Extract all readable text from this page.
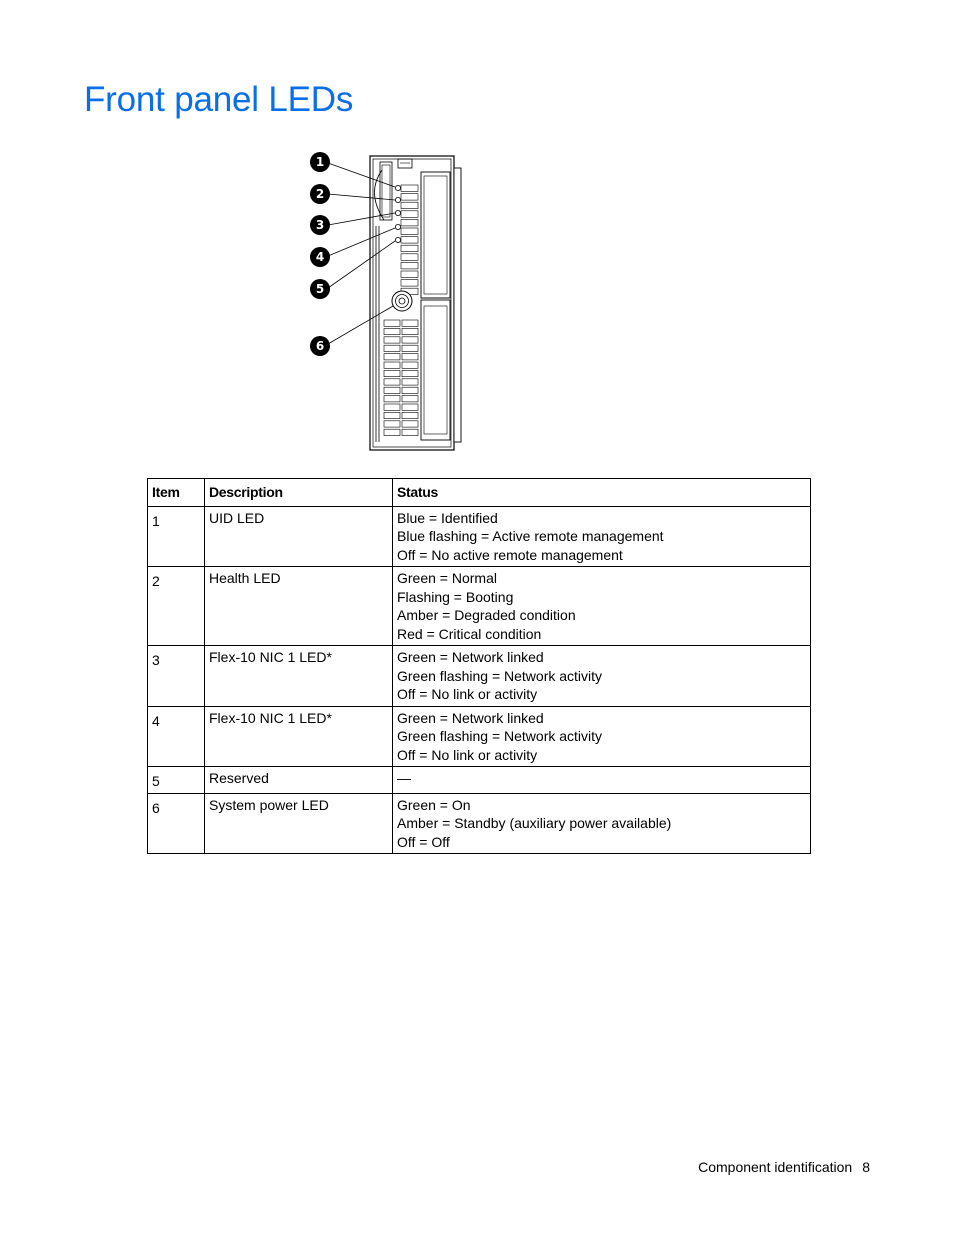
Front panel LEDs
1
2
3
4
5
6
Item	Description	Status
1	UID LED	Blue = Identified
Blue flashing = Active remote management
Off = No active remote management

2	Health LED	Green = Normal
Flashing = Booting
Amber = Degraded condition
Red = Critical condition

3	Flex-10 NIC 1 LED*	Green = Network linked
Green flashing = Network activity
Off = No link or activity

4	Flex-10 NIC 1 LED*	Green = Network linked
Green flashing = Network activity
Off = No link or activity

5	Reserved	—

6	System power LED	Green = On
Amber = Standby (auxiliary power available)
Off = Off
Component identification 8
